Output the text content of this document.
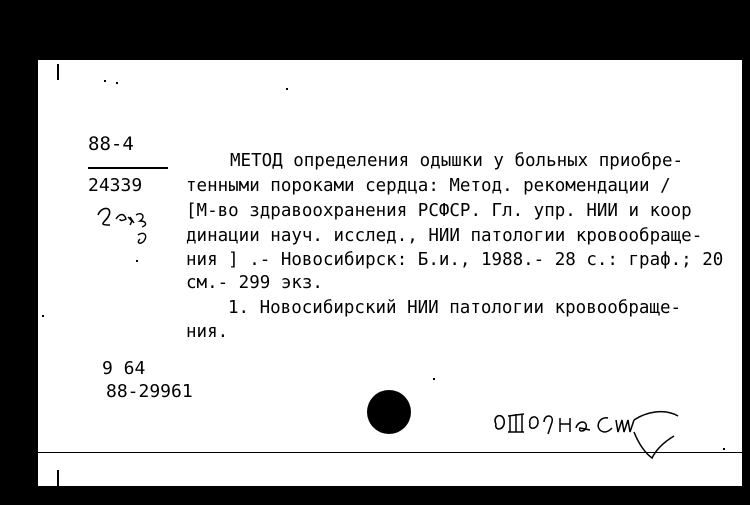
88-4
24339
МЕТОД определения одышки у больных приобре-
тенными пороками сердца: Метод. рекомендации /
[М-во здравоохранения РСФСР. Гл. упр. НИИ и коор
динации науч. исслед., НИИ патологии кровообраще-
ния ] .- Новосибирск: Б.и., 1988.- 28 с.: граф.; 20
см.- 299 экз.
1. Новосибирский НИИ патологии кровообраще-
ния.
9 64
88-29961
